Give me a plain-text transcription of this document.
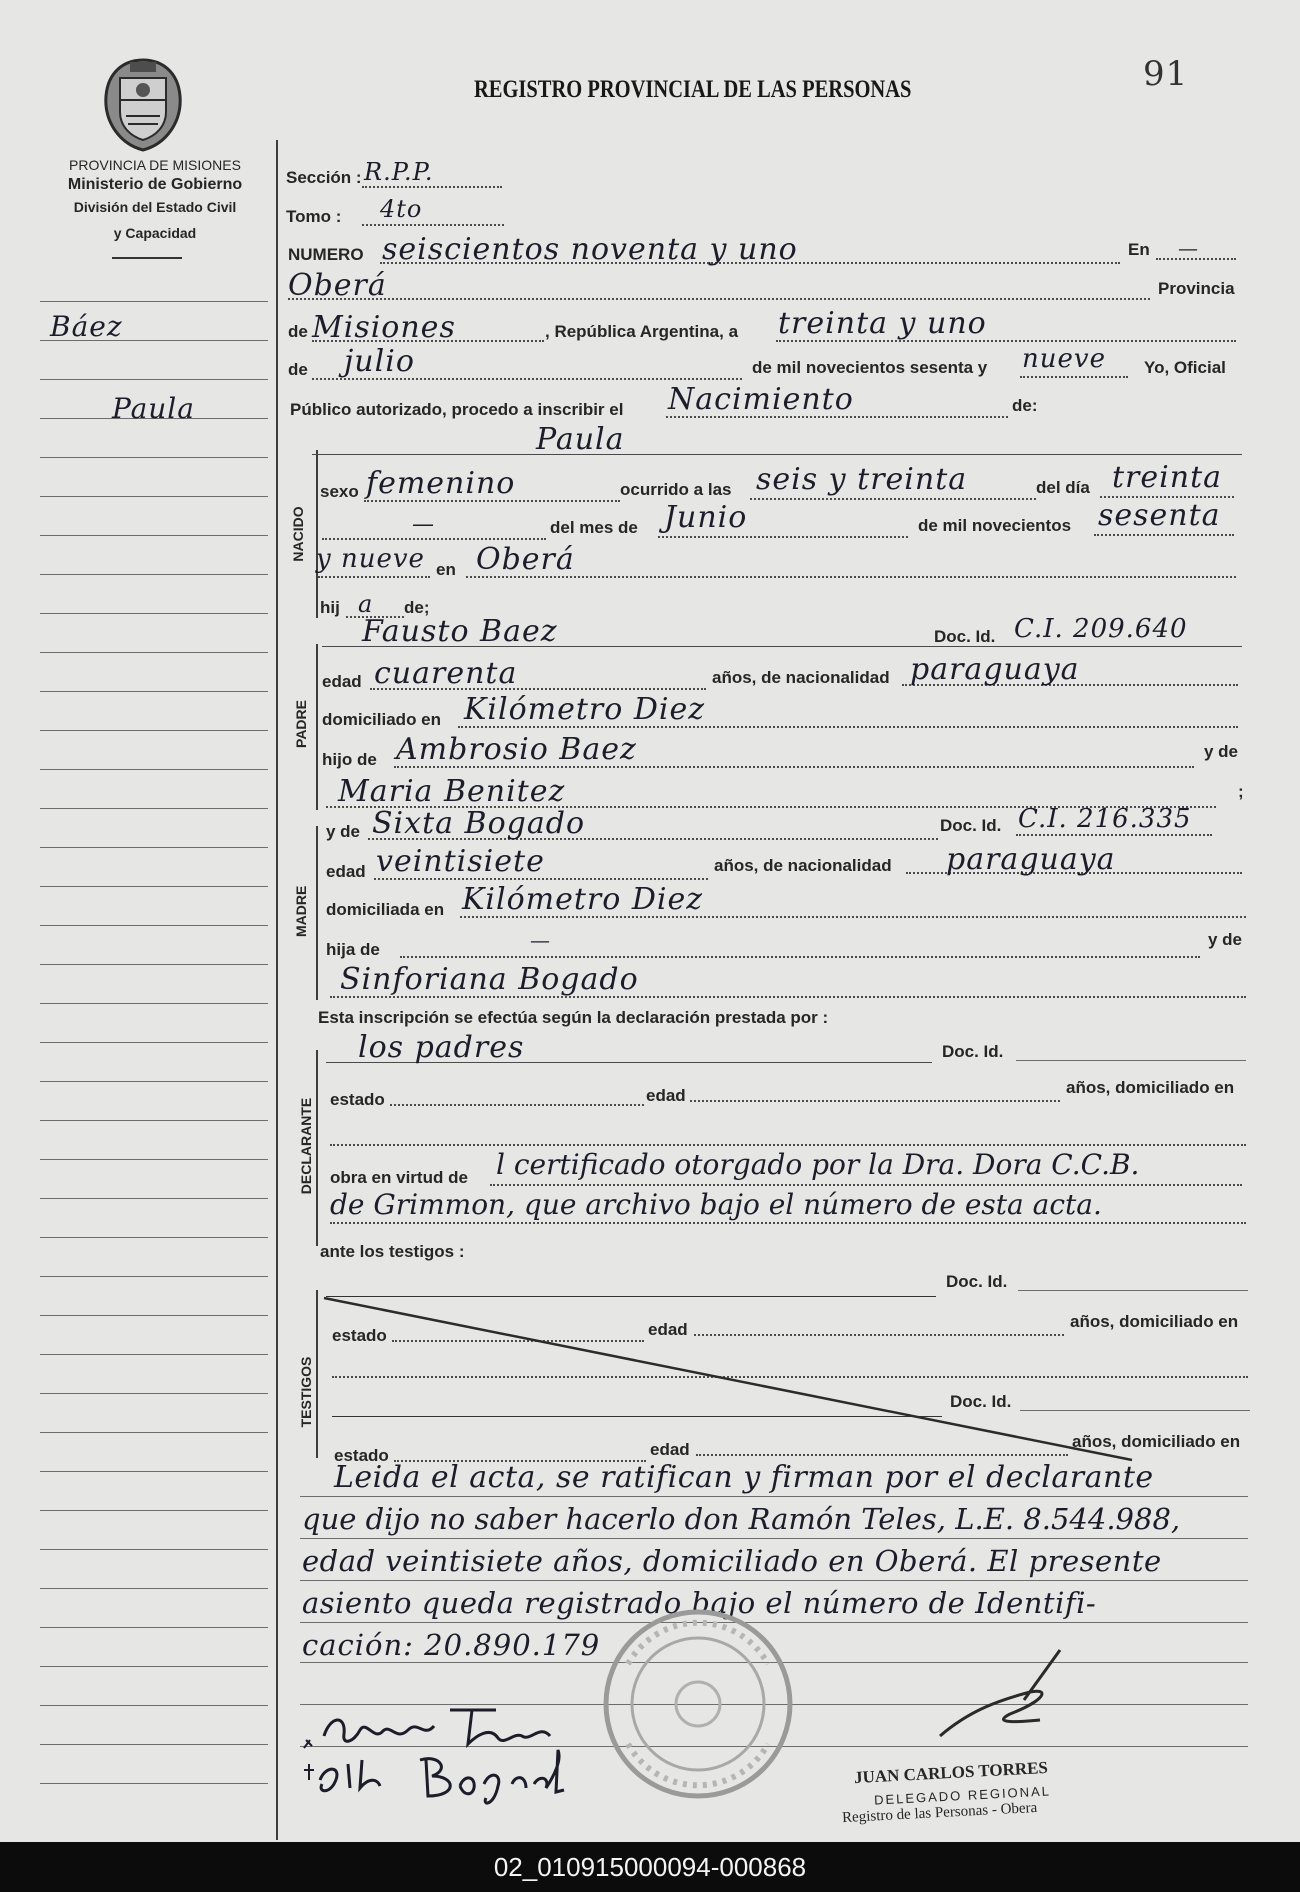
PROVINCIA DE MISIONES
Ministerio de Gobierno
División del Estado Civil
y Capacidad
REGISTRO PROVINCIAL DE LAS PERSONAS	91
Báez
Paula
Sección : R.P.P.
Tomo : 4to
NUMERO seiscientos noventa y uno	En —
Oberá	Provincia
de Misiones	, República Argentina, a treinta y uno
de julio	de mil novecientos sesenta y nueve Yo, Oficial
Público autorizado, procedo a inscribir el Nacimiento	de:
NACIDO
Paula
sexo femenino	ocurrido a las seis y treinta	del día treinta
—	del mes de Junio	de mil novecientos sesenta
y nueve en Oberá
hij a de;
PADRE
Fausto Baez	Doc. Id. C.I. 209.640
edad cuarenta	años, de nacionalidad paraguaya
domiciliado en Kilómetro Diez
hijo de Ambrosio Baez	y de
Maria Benitez	;
MADRE
y de Sixta Bogado	Doc. Id. C.I. 216.335
edad veintisiete	años, de nacionalidad paraguaya
domiciliada en Kilómetro Diez
hija de	—	y de
Sinforiana Bogado
Esta inscripción se efectúa según la declaración prestada por :
DECLARANTE
los padres	Doc. Id.
estado	edad	años, domiciliado en
obra en virtud de l certificado otorgado por la Dra. Dora C.C.B.
de Grimmon, que archivo bajo el número de esta acta.
ante los testigos :
TESTIGOS
Doc. Id.
estado	edad	años, domiciliado en
Doc. Id.
estado	edad	años, domiciliado en
Leida el acta, se ratifican y firman por el declarante
que dijo no saber hacerlo don Ramón Teles, L.E. 8.544.988,
edad veintisiete años, domiciliado en Oberá. El presente
asiento queda registrado bajo el número de Identifi-
cación: 20.890.179
JUAN CARLOS TORRES
DELEGADO REGIONAL
Registro de las Personas - Obera
02_010915000094-000868
